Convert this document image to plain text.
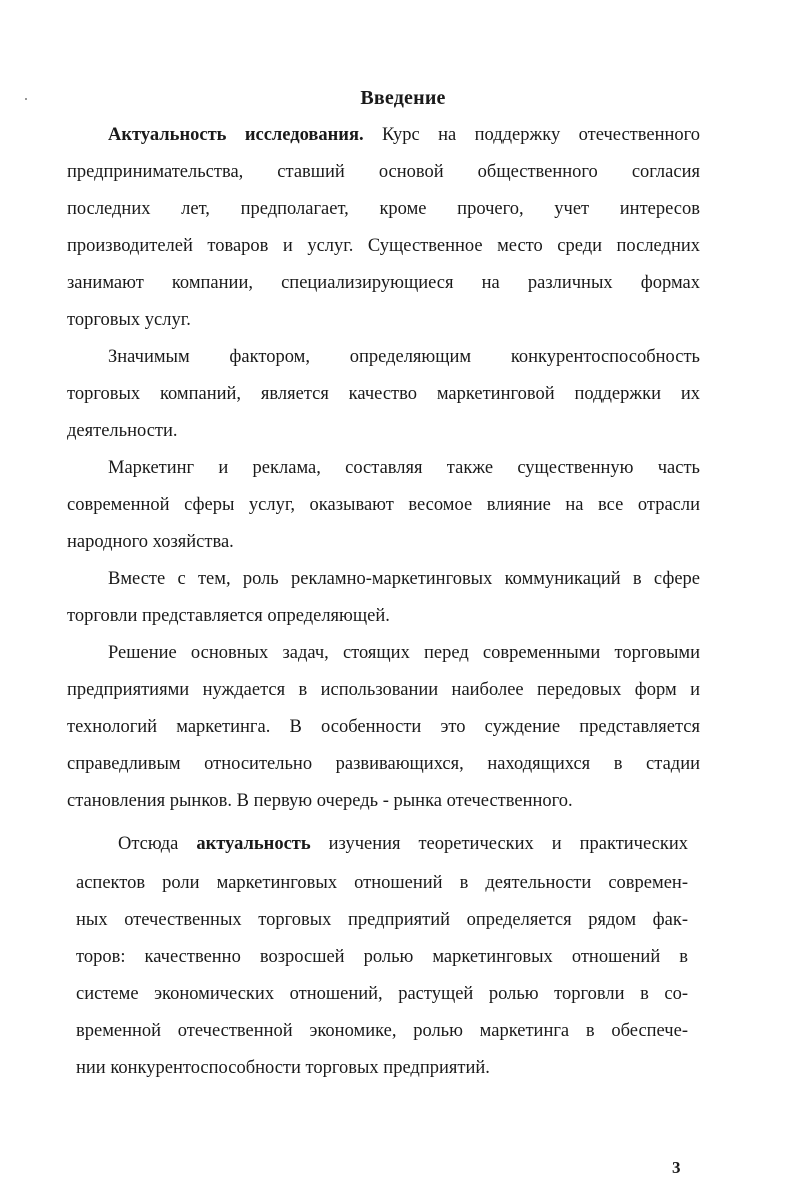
Введение
Актуальность исследования. Курс на поддержку отечественного
предпринимательства, ставший основой общественного согласия
последних лет, предполагает, кроме прочего, учет интересов
производителей товаров и услуг. Существенное место среди последних
занимают компании, специализирующиеся на различных формах
торговых услуг.
Значимым фактором, определяющим конкурентоспособность
торговых компаний, является качество маркетинговой поддержки их
деятельности.
Маркетинг и реклама, составляя также существенную часть
современной сферы услуг, оказывают весомое влияние на все отрасли
народного хозяйства.
Вместе с тем, роль рекламно-маркетинговых коммуникаций в сфере
торговли представляется определяющей.
Решение основных задач, стоящих перед современными торговыми
предприятиями нуждается в использовании наиболее передовых форм и
технологий маркетинга. В особенности это суждение представляется
справедливым относительно развивающихся, находящихся в стадии
становления рынков. В первую очередь - рынка отечественного.
Отсюда актуальность изучения теоретических и практических
аспектов роли маркетинговых отношений в деятельности современ-
ных отечественных торговых предприятий определяется рядом фак-
торов: качественно возросшей ролью маркетинговых отношений в
системе экономических отношений, растущей ролью торговли в со-
временной отечественной экономике, ролью маркетинга в обеспече-
нии конкурентоспособности торговых предприятий.
3
